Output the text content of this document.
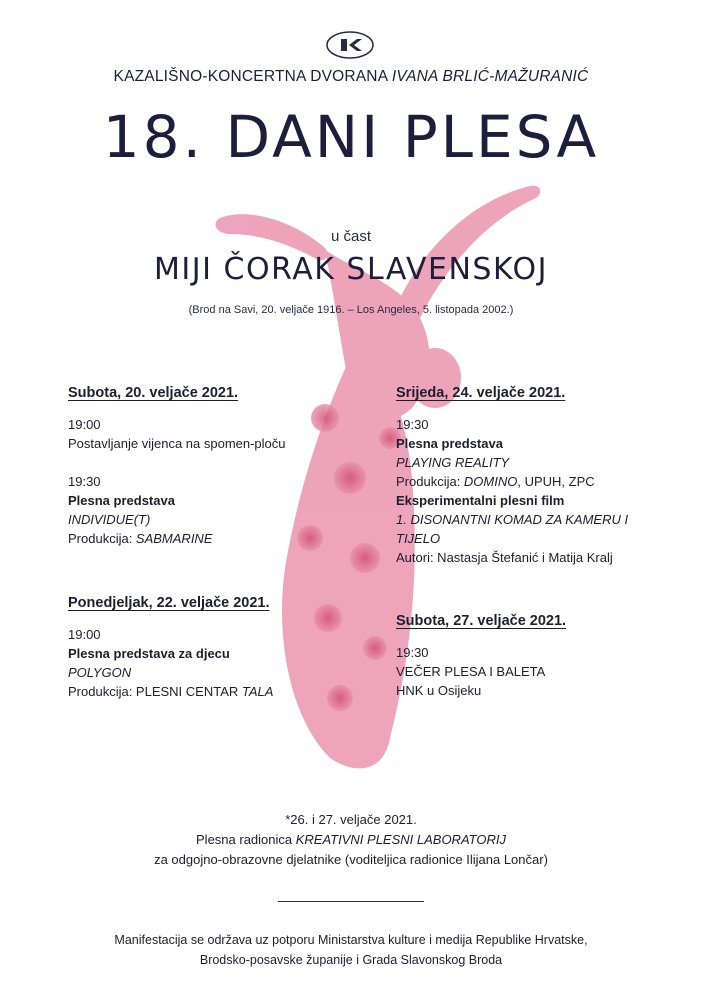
KAZALIŠNO-KONCERTNA DVORANA IVANA BRLIĆ-MAŽURANIĆ
18. DANI PLESA
u čast
MIJI ČORAK SLAVENSKOJ
(Brod na Savi, 20. veljače 1916. – Los Angeles, 5. listopada 2002.)
Subota, 20. veljače 2021.
19:00
Postavljanje vijenca na spomen-ploču
19:30
Plesna predstava
INDIVIDUE(T)
Produkcija: SABMARINE
Ponedjeljak, 22. veljače 2021.
19:00
Plesna predstava za djecu
POLYGON
Produkcija: PLESNI CENTAR TALA
Srijeda, 24. veljače 2021.
19:30
Plesna predstava
PLAYING REALITY
Produkcija: DOMINO, UPUH, ZPC
Eksperimentalni plesni film
1. DISONANTNI KOMAD ZA KAMERU I
TIJELO
Autori: Nastasja Štefanić i Matija Kralj
Subota, 27. veljače 2021.
19:30
VEČER PLESA I BALETA
HNK u Osijeku
*26. i 27. veljače 2021.
Plesna radionica KREATIVNI PLESNI LABORATORIJ
za odgojno-obrazovne djelatnike (voditeljica radionice Ilijana Lončar)
Manifestacija se održava uz potporu Ministarstva kulture i medija Republike Hrvatske,
Brodsko-posavske županije i Grada Slavonskog Broda
